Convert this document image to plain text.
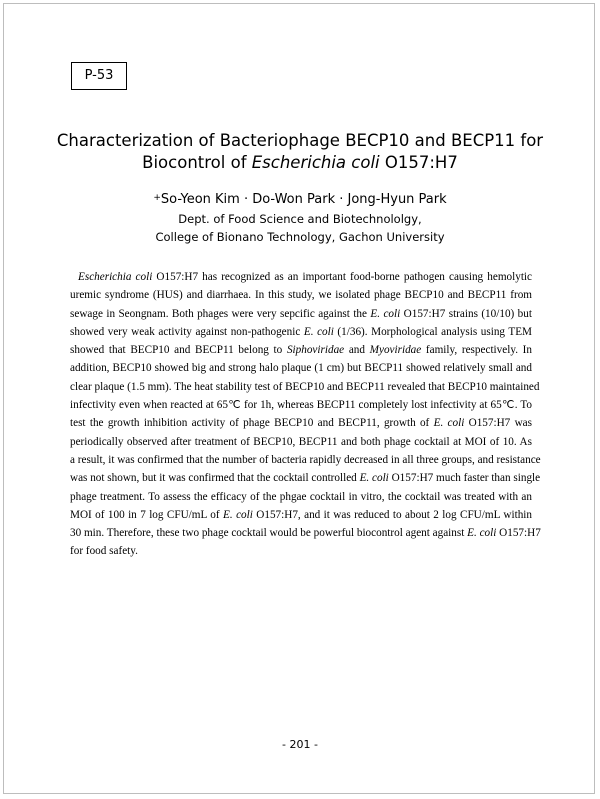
P-53
Characterization of Bacteriophage BECP10 and BECP11 for
Biocontrol of Escherichia coli O157:H7
+So-Yeon Kim · Do-Won Park · Jong-Hyun Park
Dept. of Food Science and Biotechnololgy,
College of Bionano Technology, Gachon University
Escherichia coli O157:H7 has recognized as an important food-borne pathogen causing hemolytic
uremic syndrome (HUS) and diarrhaea. In this study, we isolated phage BECP10 and BECP11 from
sewage in Seongnam. Both phages were very sepcific against the E. coli O157:H7 strains (10/10) but
showed very weak activity against non-pathogenic E. coli (1/36). Morphological analysis using TEM
showed that BECP10 and BECP11 belong to Siphoviridae and Myoviridae family, respectively. In
addition, BECP10 showed big and strong halo plaque (1 cm) but BECP11 showed relatively small and
clear plaque (1.5 mm). The heat stability test of BECP10 and BECP11 revealed that BECP10 maintained
infectivity even when reacted at 65℃ for 1h, whereas BECP11 completely lost infectivity at 65℃. To
test the growth inhibition activity of phage BECP10 and BECP11, growth of E. coli O157:H7 was
periodically observed after treatment of BECP10, BECP11 and both phage cocktail at MOI of 10. As
a result, it was confirmed that the number of bacteria rapidly decreased in all three groups, and resistance
was not shown, but it was confirmed that the cocktail controlled E. coli O157:H7 much faster than single
phage treatment. To assess the efficacy of the phgae cocktail in vitro, the cocktail was treated with an
MOI of 100 in 7 log CFU/mL of E. coli O157:H7, and it was reduced to about 2 log CFU/mL within
30 min. Therefore, these two phage cocktail would be powerful biocontrol agent against E. coli O157:H7
for food safety.
- 201 -
